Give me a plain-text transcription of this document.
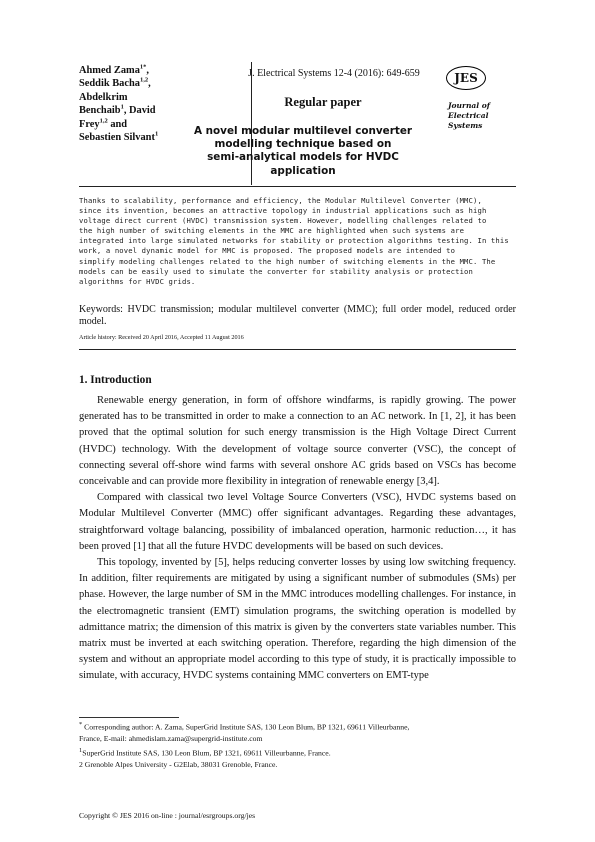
Ahmed Zama$^{1*}$,
Seddik Bacha$^{1,2}$,
Abdelkrim
Benchaib$^1$, David
Frey$^{1,2}$ and
Sebastien Silvant$^1$
J. Electrical Systems 12-4 (2016): 649-659
Regular paper
A novel modular multilevel converter
modelling technique based on
semi-analytical models for HVDC
application
JES
Journal of
Electrical
Systems
Thanks to scalability, performance and efficiency, the Modular Multilevel Converter (MMC),
since its invention, becomes an attractive topology in industrial applications such as high
voltage direct current (HVDC) transmission system. However, modelling challenges related to
the high number of switching elements in the MMC are highlighted when such systems are
integrated into large simulated networks for stability or protection algorithms testing. In this
work, a novel dynamic model for MMC is proposed. The proposed models are intended to
simplify modeling challenges related to the high number of switching elements in the MMC. The
models can be easily used to simulate the converter for stability analysis or protection
algorithms for HVDC grids.
Keywords: HVDC transmission; modular multilevel converter (MMC); full order model, reduced order model.
Article history: Received 20 April 2016, Accepted 11 August 2016
1. Introduction

Renewable energy generation, in form of offshore windfarms, is rapidly growing. The power generated has to be transmitted in order to make a connection to an AC network. In [1, 2], it has been proved that the optimal solution for such energy transmission is the High Voltage Direct Current (HVDC) technology. With the development of voltage source converter (VSC), the concept of connecting several off-shore wind farms with several onshore AC grids based on VSCs has become conceivable and can provide more flexibility in integration of renewable energy [3,4].

Compared with classical two level Voltage Source Converters (VSC), HVDC systems based on Modular Multilevel Converter (MMC) offer significant advantages. Regarding these advantages, straightforward voltage balancing, possibility of imbalanced operation, harmonic reduction…, it has been proved [1] that all the future HVDC developments will be based on such devices.

This topology, invented by [5], helps reducing converter losses by using low switching frequency. In addition, filter requirements are mitigated by using a significant number of submodules (SMs) per phase. However, the large number of SM in the MMC introduces modelling challenges. For instance, in the electromagnetic transient (EMT) simulation programs, the switching operation is modelled by admittance matrix; the dimension of this matrix is given by the converters state variables number. This matrix must be inverted at each switching operation. Therefore, regarding the high dimension of the system and without an appropriate model according to this type of study, it is practically impossible to simulate, with accuracy, HVDC systems containing MMC converters on EMT-type

* Corresponding author: A. Zama, SuperGrid Institute SAS, 130 Leon Blum, BP 1321, 69611 Villeurbanne,

France, E-mail: ahmedislam.zama@supergrid-institute.com

$^1$SuperGrid Institute SAS, 130 Leon Blum, BP 1321, 69611 Villeurbanne, France.

2 Grenoble Alpes University - G2Elab, 38031 Grenoble, France.

Copyright © JES 2016 on-line : journal/esrgroups.org/jes
